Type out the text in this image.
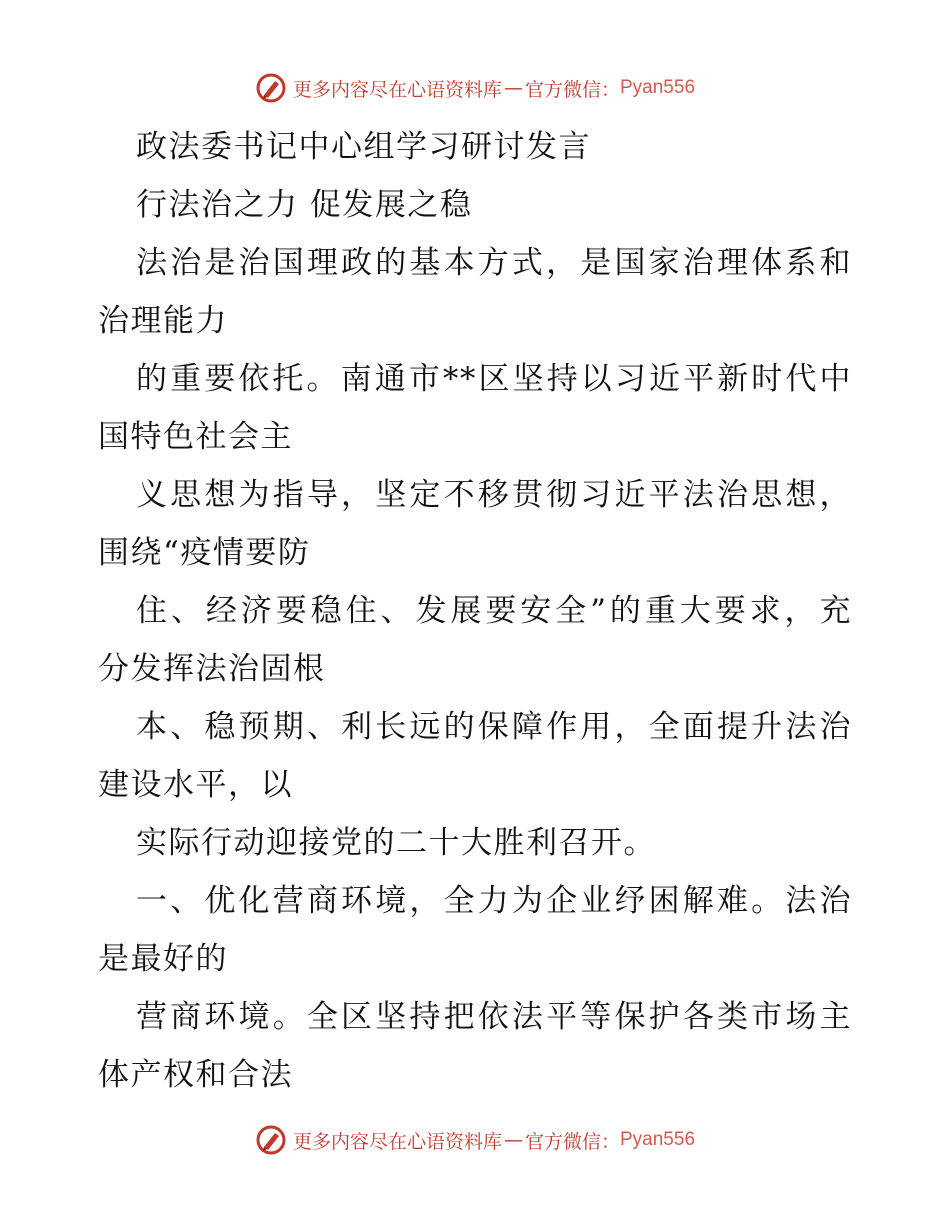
更多内容尽在心语资料库 — 官方微信： Pyan556
政法委书记中心组学习研讨发言
行法治之力 促发展之稳
法治是治国理政的基本方式，是国家治理体系和
治理能力
的重要依托。南通市**区坚持以习近平新时代中
国特色社会主
义思想为指导，坚定不移贯彻习近平法治思想，
围绕“疫情要防
住、经济要稳住、发展要安全”的重大要求，充
分发挥法治固根
本、稳预期、利长远的保障作用，全面提升法治
建设水平，以
实际行动迎接党的二十大胜利召开。
一、优化营商环境，全力为企业纾困解难。法治
是最好的
营商环境。全区坚持把依法平等保护各类市场主
体产权和合法
更多内容尽在心语资料库 — 官方微信： Pyan556
